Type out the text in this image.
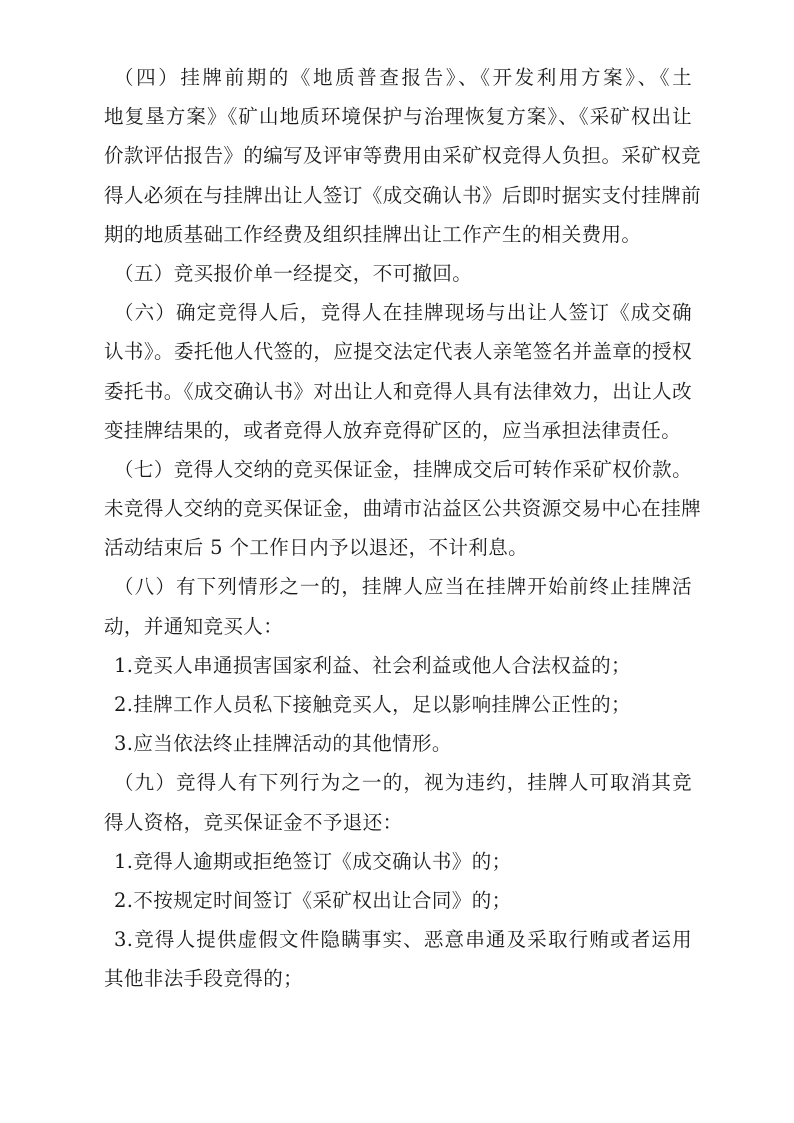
（四）挂牌前期的《地质普查报告》、《开发利用方案》、《土
地复垦方案》《矿山地质环境保护与治理恢复方案》、《采矿权出让
价款评估报告》的编写及评审等费用由采矿权竞得人负担。采矿权竞
得人必须在与挂牌出让人签订《成交确认书》后即时据实支付挂牌前
期的地质基础工作经费及组织挂牌出让工作产生的相关费用。
（五）竞买报价单一经提交，不可撤回。
（六）确定竞得人后，竞得人在挂牌现场与出让人签订《成交确
认书》。委托他人代签的，应提交法定代表人亲笔签名并盖章的授权
委托书。《成交确认书》对出让人和竞得人具有法律效力，出让人改
变挂牌结果的，或者竞得人放弃竞得矿区的，应当承担法律责任。
（七）竞得人交纳的竞买保证金，挂牌成交后可转作采矿权价款。
未竞得人交纳的竞买保证金，曲靖市沾益区公共资源交易中心在挂牌
活动结束后 5 个工作日内予以退还，不计利息。
（八）有下列情形之一的，挂牌人应当在挂牌开始前终止挂牌活
动，并通知竞买人：
1.竞买人串通损害国家利益、社会利益或他人合法权益的；
2.挂牌工作人员私下接触竞买人，足以影响挂牌公正性的；
3.应当依法终止挂牌活动的其他情形。
（九）竞得人有下列行为之一的，视为违约，挂牌人可取消其竞
得人资格，竞买保证金不予退还：
1.竞得人逾期或拒绝签订《成交确认书》的；
2.不按规定时间签订《采矿权出让合同》的；
3.竞得人提供虚假文件隐瞒事实、恶意串通及采取行贿或者运用
其他非法手段竞得的；
